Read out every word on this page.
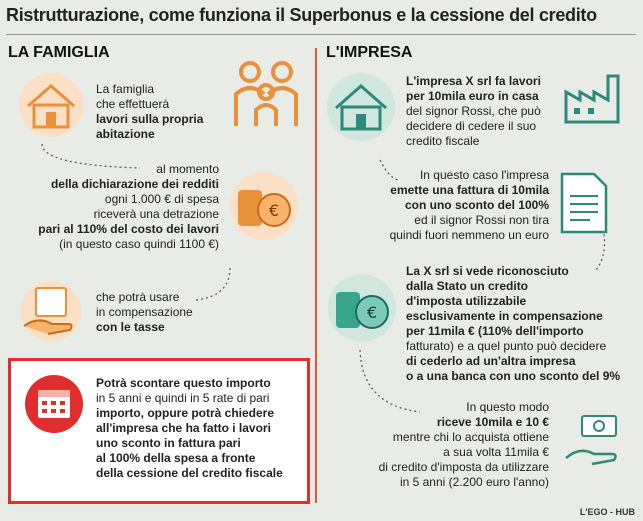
Ristrutturazione, come funziona il Superbonus e la cessione del credito
LA FAMIGLIA
€
La famiglia
che effettuerà
lavori sulla propria
abitazione
al momento
della dichiarazione dei redditi
ogni 1.000 € di spesa
riceverà una detrazione
pari al 110% del costo dei lavori
(in questo caso quindi 1100 €)
che potrà usare
in compensazione
con le tasse
Potrà scontare questo importo
in 5 anni e quindi in 5 rate di pari
importo, oppure potrà chiedere
all'impresa che ha fatto i lavori
uno sconto in fattura pari
al 100% della spesa a fronte
della cessione del credito fiscale
L'IMPRESA
€
L'impresa X srl fa lavori
per 10mila euro in casa
del signor Rossi, che può
decidere di cedere il suo
credito fiscale
In questo caso l'impresa
emette una fattura di 10mila
con uno sconto del 100%
ed il signor Rossi non tira
quindi fuori nemmeno un euro
La X srl si vede riconosciuto
dalla Stato un credito
d'imposta utilizzabile
esclusivamente in compensazione
per 11mila € (110% dell'importo
fatturato) e a quel punto può decidere
di cederlo ad un'altra impresa
o a una banca con uno sconto del 9%
In questo modo
riceve 10mila e 10 €
mentre chi lo acquista ottiene
a sua volta 11mila €
di credito d'imposta da utilizzare
in 5 anni (2.200 euro l'anno)
L'EGO - HUB
